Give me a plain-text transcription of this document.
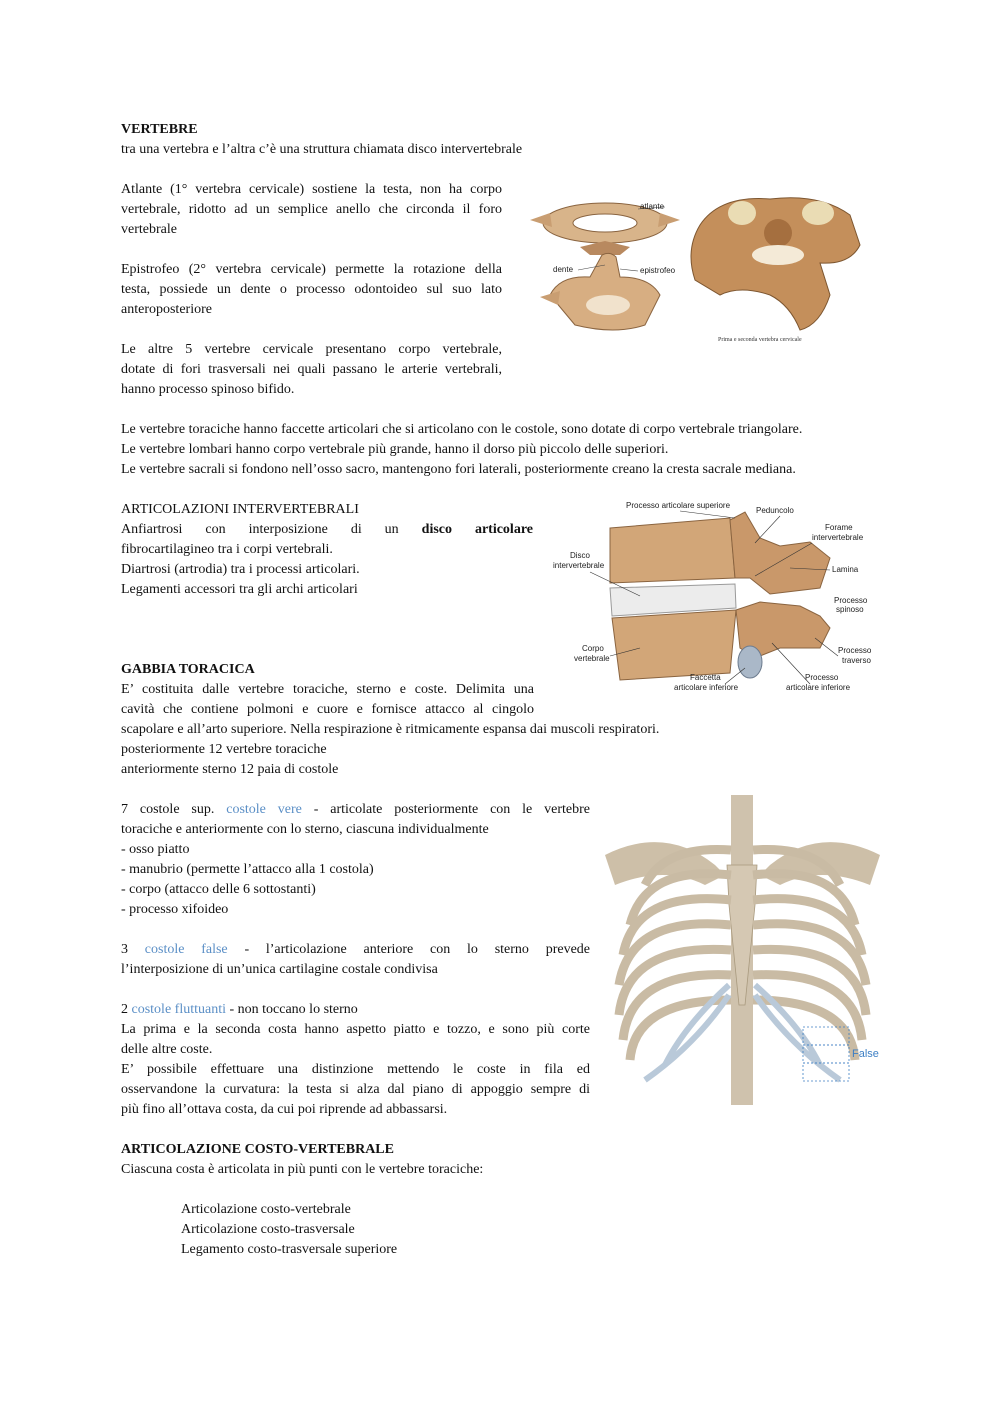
VERTEBRE
tra una vertebra e l’altra c’è una struttura chiamata disco intervertebrale
Atlante (1° vertebra cervicale) sostiene la testa, non ha corpo
vertebrale, ridotto ad un semplice anello che circonda il foro
vertebrale
Epistrofeo (2° vertebra cervicale) permette la rotazione della
testa, possiede un dente o processo odontoideo sul suo lato
anteroposteriore
Le altre 5 vertebre cervicale presentano corpo vertebrale,
dotate di fori trasversali nei quali passano le arterie vertebrali,
hanno processo spinoso bifido.
Le vertebre toraciche hanno faccette articolari che si articolano con le costole, sono dotate di corpo vertebrale triangolare.
Le vertebre lombari hanno corpo vertebrale più grande, hanno il dorso più piccolo delle superiori.
Le vertebre sacrali si fondono nell’osso sacro, mantengono fori laterali, posteriormente creano la cresta sacrale mediana.
atlante
dente	epistrofeo
Prima e seconda vertebra cervicale
ARTICOLAZIONI INTERVERTEBRALI
Anfiartrosi con interposizione di un disco articolare
fibrocartilagineo tra i corpi vertebrali.
Diartrosi (artrodia) tra i processi articolari.
Legamenti accessori tra gli archi articolari
Processo articolare superiore
Peduncolo
Forame
intervertebrale
Disco
intervertebrale	Lamina
Processo
spinoso
Corpo
vertebrale
Processo
traverso
Faccetta
articolare inferiore
Processo
articolare inferiore
GABBIA TORACICA
E’ costituita dalle vertebre toraciche, sterno e coste. Delimita una
cavità che contiene polmoni e cuore e fornisce attacco al cingolo
scapolare e all’arto superiore. Nella respirazione è ritmicamente espansa dai muscoli respiratori.
posteriormente 12 vertebre toraciche
anteriormente sterno 12 paia di costole
7 costole sup. costole vere - articolate posteriormente con le vertebre
toraciche e anteriormente con lo sterno, ciascuna individualmente
- osso piatto
- manubrio (permette l’attacco alla 1 costola)
- corpo (attacco delle 6 sottostanti)
- processo xifoideo
3 costole false - l’articolazione anteriore con lo sterno prevede
l’interposizione di un’unica cartilagine costale condivisa
2 costole fluttuanti - non toccano lo sterno
La prima e la seconda costa hanno aspetto piatto e tozzo, e sono più corte
delle altre coste.
E’ possibile effettuare una distinzione mettendo le coste in fila ed
osservandone la curvatura: la testa si alza dal piano di appoggio sempre di
più fino all’ottava costa, da cui poi riprende ad abbassarsi.
False
ARTICOLAZIONE COSTO-VERTEBRALE
Ciascuna costa è articolata in più punti con le vertebre toraciche:
Articolazione costo-vertebrale
Articolazione costo-trasversale
Legamento costo-trasversale superiore
